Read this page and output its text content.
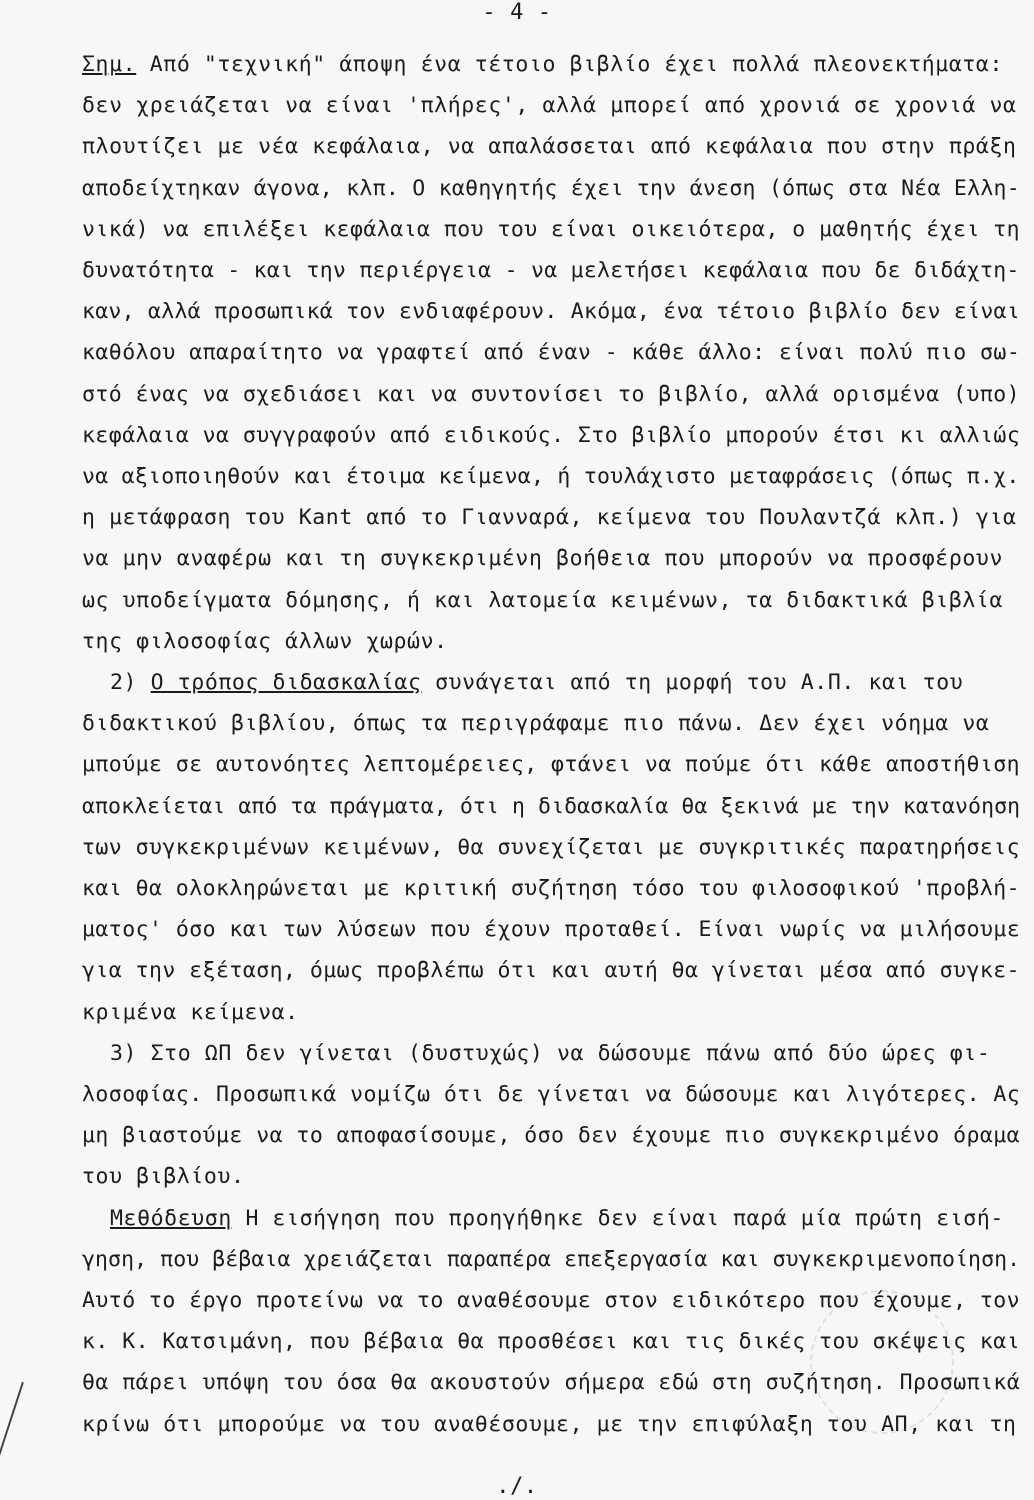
- 4 -
Σημ. Από "τεχνική" άποψη ένα τέτοιο βιβλίο έχει πολλά πλεονεκτήματα:
δεν χρειάζεται να είναι 'πλήρες', αλλά μπορεί από χρονιά σε χρονιά να
πλουτίζει με νέα κεφάλαια, να απαλάσσεται από κεφάλαια που στην πράξη
αποδείχτηκαν άγονα, κλπ. Ο καθηγητής έχει την άνεση (όπως στα Νέα Ελλη-
νικά) να επιλέξει κεφάλαια που του είναι οικειότερα, ο μαθητής έχει τη
δυνατότητα - και την περιέργεια - να μελετήσει κεφάλαια που δε διδάχτη-
καν, αλλά προσωπικά τον ενδιαφέρουν. Ακόμα, ένα τέτοιο βιβλίο δεν είναι
καθόλου απαραίτητο να γραφτεί από έναν - κάθε άλλο: είναι πολύ πιο σω-
στό ένας να σχεδιάσει και να συντονίσει το βιβλίο, αλλά ορισμένα (υπο)
κεφάλαια να συγγραφούν από ειδικούς. Στο βιβλίο μπορούν έτσι κι αλλιώς
να αξιοποιηθούν και έτοιμα κείμενα, ή τουλάχιστο μεταφράσεις (όπως π.χ.
η μετάφραση του Kant από το Γιανναρά, κείμενα του Πουλαντζά κλπ.) για
να μην αναφέρω και τη συγκεκριμένη βοήθεια που μπορούν να προσφέρουν
ως υποδείγματα δόμησης, ή και λατομεία κειμένων, τα διδακτικά βιβλία
της φιλοσοφίας άλλων χωρών.
2) Ο τρόπος διδασκαλίας συνάγεται από τη μορφή του Α.Π. και του
διδακτικού βιβλίου, όπως τα περιγράφαμε πιο πάνω. Δεν έχει νόημα να
μπούμε σε αυτονόητες λεπτομέρειες, φτάνει να πούμε ότι κάθε αποστήθιση
αποκλείεται από τα πράγματα, ότι η διδασκαλία θα ξεκινά με την κατανόηση
των συγκεκριμένων κειμένων, θα συνεχίζεται με συγκριτικές παρατηρήσεις
και θα ολοκληρώνεται με κριτική συζήτηση τόσο του φιλοσοφικού 'προβλή-
ματος' όσο και των λύσεων που έχουν προταθεί. Είναι νωρίς να μιλήσουμε
για την εξέταση, όμως προβλέπω ότι και αυτή θα γίνεται μέσα από συγκε-
κριμένα κείμενα.
3) Στο ΩΠ δεν γίνεται (δυστυχώς) να δώσουμε πάνω από δύο ώρες φι-
λοσοφίας. Προσωπικά νομίζω ότι δε γίνεται να δώσουμε και λιγότερες. Ας
μη βιαστούμε να το αποφασίσουμε, όσο δεν έχουμε πιο συγκεκριμένο όραμα
του βιβλίου.
Μεθόδευση Η εισήγηση που προηγήθηκε δεν είναι παρά μία πρώτη εισή-
γηση, που βέβαια χρειάζεται παραπέρα επεξεργασία και συγκεκριμενοποίηση.
Αυτό το έργο προτείνω να το αναθέσουμε στον ειδικότερο που έχουμε, τον
κ. Κ. Κατσιμάνη, που βέβαια θα προσθέσει και τις δικές του σκέψεις και
θα πάρει υπόψη του όσα θα ακουστούν σήμερα εδώ στη συζήτηση. Προσωπικά
κρίνω ότι μπορούμε να του αναθέσουμε, με την επιφύλαξη του ΑΠ, και τη
./.
